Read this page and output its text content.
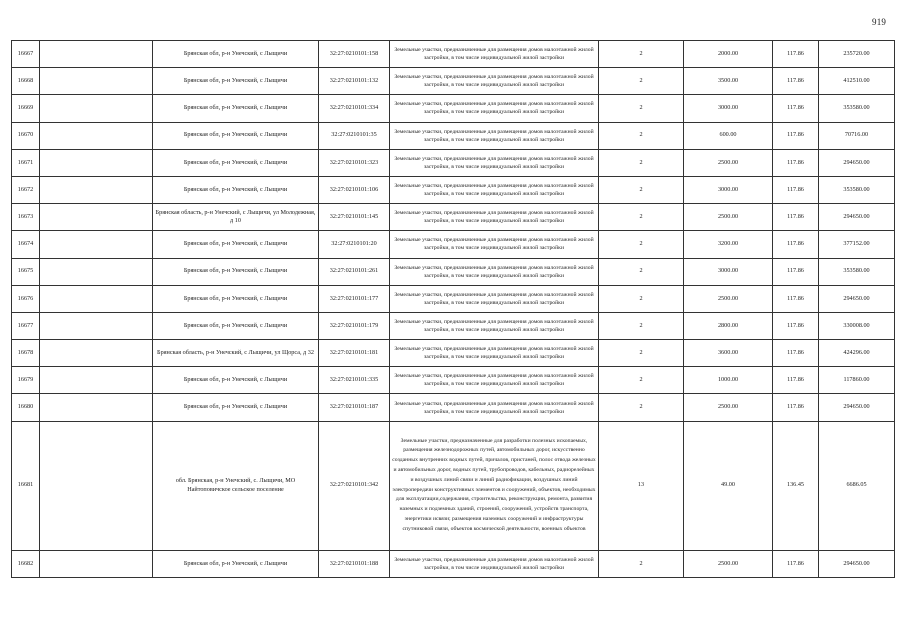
919
16667		Брянская обл, р-н Унечский, с Лыщичи	32:27:0210101:158	Земельные участки, предназначенные для размещения домов малоэтажной жилой застройки, в том числе индивидуальной жилой застройки	2	2000.00	117.86	235720.00
16668		Брянская обл, р-н Унечский, с Лыщичи	32:27:0210101:132	Земельные участки, предназначенные для размещения домов малоэтажной жилой застройки, в том числе индивидуальной жилой застройки	2	3500.00	117.86	412510.00
16669		Брянская обл, р-н Унечский, с Лыщичи	32:27:0210101:334	Земельные участки, предназначенные для размещения домов малоэтажной жилой застройки, в том числе индивидуальной жилой застройки	2	3000.00	117.86	353580.00
16670		Брянская обл, р-н Унечский, с Лыщичи	32:27:0210101:35	Земельные участки, предназначенные для размещения домов малоэтажной жилой застройки, в том числе индивидуальной жилой застройки	2	600.00	117.86	70716.00
16671		Брянская обл, р-н Унечский, с Лыщичи	32:27:0210101:323	Земельные участки, предназначенные для размещения домов малоэтажной жилой застройки, в том числе индивидуальной жилой застройки	2	2500.00	117.86	294650.00
16672		Брянская обл, р-н Унечский, с Лыщичи	32:27:0210101:106	Земельные участки, предназначенные для размещения домов малоэтажной жилой застройки, в том числе индивидуальной жилой застройки	2	3000.00	117.86	353580.00
16673		Брянская область, р-н Унечский, с Лыщичи, ул Молодежная, д 10	32:27:0210101:145	Земельные участки, предназначенные для размещения домов малоэтажной жилой застройки, в том числе индивидуальной жилой застройки	2	2500.00	117.86	294650.00
16674		Брянская обл, р-н Унечский, с Лыщичи	32:27:0210101:20	Земельные участки, предназначенные для размещения домов малоэтажной жилой застройки, в том числе индивидуальной жилой застройки	2	3200.00	117.86	377152.00
16675		Брянская обл, р-н Унечский, с Лыщичи	32:27:0210101:261	Земельные участки, предназначенные для размещения домов малоэтажной жилой застройки, в том числе индивидуальной жилой застройки	2	3000.00	117.86	353580.00
16676		Брянская обл, р-н Унечский, с Лыщичи	32:27:0210101:177	Земельные участки, предназначенные для размещения домов малоэтажной жилой застройки, в том числе индивидуальной жилой застройки	2	2500.00	117.86	294650.00
16677		Брянская обл, р-н Унечский, с Лыщичи	32:27:0210101:179	Земельные участки, предназначенные для размещения домов малоэтажной жилой застройки, в том числе индивидуальной жилой застройки	2	2800.00	117.86	330008.00
16678		Брянская область, р-н Унечский, с Лыщичи, ул Щорса, д 32	32:27:0210101:181	Земельные участки, предназначенные для размещения домов малоэтажной жилой застройки, в том числе индивидуальной жилой застройки	2	3600.00	117.86	424296.00
16679		Брянская обл, р-н Унечский, с Лыщичи	32:27:0210101:335	Земельные участки, предназначенные для размещения домов малоэтажной жилой застройки, в том числе индивидуальной жилой застройки	2	1000.00	117.86	117860.00
16680		Брянская обл, р-н Унечский, с Лыщичи	32:27:0210101:187	Земельные участки, предназначенные для размещения домов малоэтажной жилой застройки, в том числе индивидуальной жилой застройки	2	2500.00	117.86	294650.00
16681		обл. Брянская, р-н Унечский, с. Лыщичи, МО Найтоповичское сельское поселение	32:27:0210101:342	Земельные участки, предназначенные для разработки полезных ископаемых, размещения железнодорожных путей, автомобильных дорог, искусственно созданных внутренних водных путей, причалов, пристаней, полос отвода железных и автомобильных дорог, водных путей, трубопроводов, кабельных, радиорелейных и воздушных линий связи и линий радиофикации, воздушных линий электропередачи конструктивных элементов и сооружений, объектов, необходимых для эксплуатации,содержания, строительства, реконструкции, ремонта, развития наземных и подземных зданий, строений, сооружений, устройств транспорта, энергетики исвязи; размещения наземных сооружений и инфраструктуры спутниковой связи, объектов космической деятельности, военных объектов	13	49.00	136.45	6686.05
16682		Брянская обл, р-н Унечский, с Лыщичи	32:27:0210101:188	Земельные участки, предназначенные для размещения домов малоэтажной жилой застройки, в том числе индивидуальной жилой застройки	2	2500.00	117.86	294650.00
